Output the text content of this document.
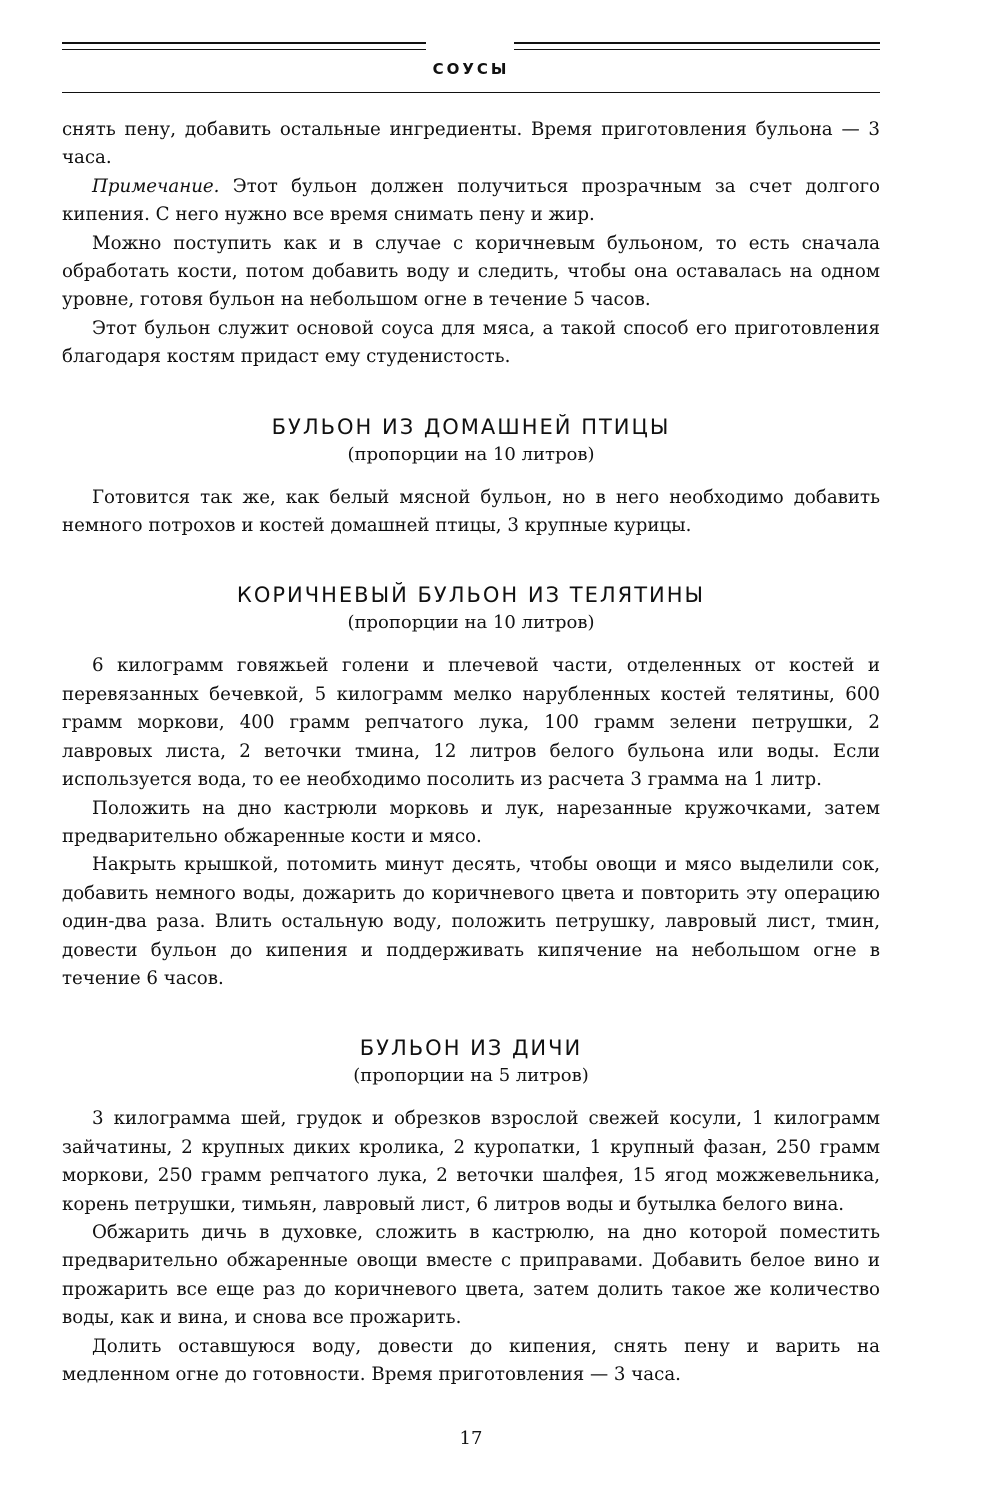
СОУСЫ

снять пену, добавить остальные ингредиенты. Время приготовления бульона — 3 часа.

Примечание. Этот бульон должен получиться прозрачным за счет долгого кипения. С него нужно все время снимать пену и жир.

Можно поступить как и в случае с коричневым бульоном, то есть сначала обработать кости, потом добавить воду и следить, чтобы она оставалась на одном уровне, готовя бульон на небольшом огне в течение 5 часов.

Этот бульон служит основой соуса для мяса, а такой способ его приготовления благодаря костям придаст ему студенистость.

БУЛЬОН ИЗ ДОМАШНЕЙ ПТИЦЫ
(пропорции на 10 литров)

Готовится так же, как белый мясной бульон, но в него необходимо добавить немного потрохов и костей домашней птицы, 3 крупные курицы.

КОРИЧНЕВЫЙ БУЛЬОН ИЗ ТЕЛЯТИНЫ
(пропорции на 10 литров)

6 килограмм говяжьей голени и плечевой части, отделенных от костей и перевязанных бечевкой, 5 килограмм мелко нарубленных костей телятины, 600 грамм моркови, 400 грамм репчатого лука, 100 грамм зелени петрушки, 2 лавровых листа, 2 веточки тмина, 12 литров белого бульона или воды. Если используется вода, то ее необходимо посолить из расчета 3 грамма на 1 литр.

Положить на дно кастрюли морковь и лук, нарезанные кружочками, затем предварительно обжаренные кости и мясо.

Накрыть крышкой, потомить минут десять, чтобы овощи и мясо выделили сок, добавить немного воды, дожарить до коричневого цвета и повторить эту операцию один-два раза. Влить остальную воду, положить петрушку, лавровый лист, тмин, довести бульон до кипения и поддерживать кипячение на небольшом огне в течение 6 часов.

БУЛЬОН ИЗ ДИЧИ
(пропорции на 5 литров)

3 килограмма шей, грудок и обрезков взрослой свежей косули, 1 килограмм зайчатины, 2 крупных диких кролика, 2 куропатки, 1 крупный фазан, 250 грамм моркови, 250 грамм репчатого лука, 2 веточки шалфея, 15 ягод можжевельника, корень петрушки, тимьян, лавровый лист, 6 литров воды и бутылка белого вина.

Обжарить дичь в духовке, сложить в кастрюлю, на дно которой поместить предварительно обжаренные овощи вместе с приправами. Добавить белое вино и прожарить все еще раз до коричневого цвета, затем долить такое же количество воды, как и вина, и снова все прожарить.

Долить оставшуюся воду, довести до кипения, снять пену и варить на медленном огне до готовности. Время приготовления — 3 часа.

17
